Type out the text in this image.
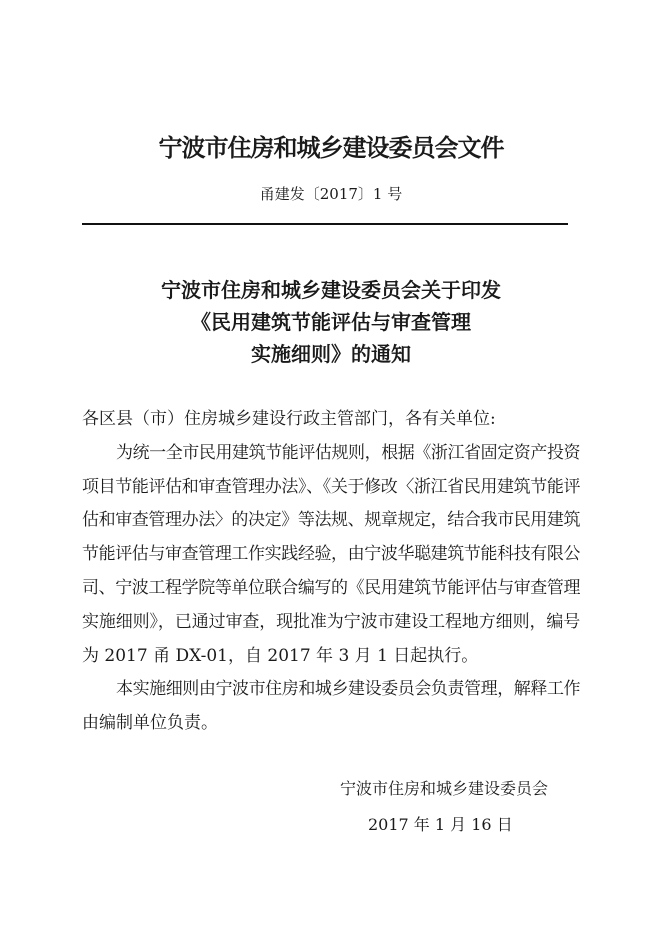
宁波市住房和城乡建设委员会文件
甬建发〔2017〕1 号
宁波市住房和城乡建设委员会关于印发
《民用建筑节能评估与审查管理
实施细则》的通知
各区县（市）住房城乡建设行政主管部门，各有关单位:
为统一全市民用建筑节能评估规则，根据《浙江省固定资产投资
项目节能评估和审查管理办法》、《关于修改〈浙江省民用建筑节能评
估和审查管理办法〉的决定》等法规、规章规定，结合我市民用建筑
节能评估与审查管理工作实践经验，由宁波华聪建筑节能科技有限公
司、宁波工程学院等单位联合编写的《民用建筑节能评估与审查管理
实施细则》，已通过审查，现批准为宁波市建设工程地方细则，编号
为 2017 甬 DX-01，自 2017 年 3 月 1 日起执行。
本实施细则由宁波市住房和城乡建设委员会负责管理，解释工作
由编制单位负责。
宁波市住房和城乡建设委员会
2017 年 1 月 16 日
